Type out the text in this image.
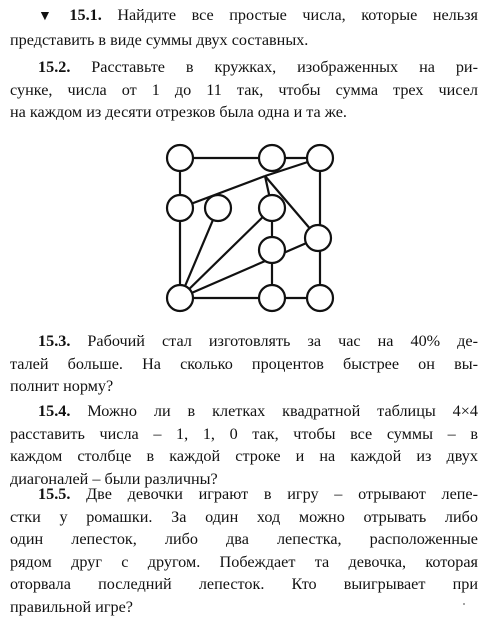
▼ 15.1. Найдите все простые числа, которые нельзя
представить в виде суммы двух составных.
15.2. Расставьте в кружках, изображенных на ри-
сунке, числа от 1 до 11 так, чтобы сумма трех чисел
на каждом из десяти отрезков была одна и та же.
15.3. Рабочий стал изготовлять за час на 40% де-
талей больше. На сколько процентов быстрее он вы-
полнит норму?
15.4. Можно ли в клетках квадратной таблицы 4×4
расставить числа – 1, 1, 0 так, чтобы все суммы – в
каждом столбце в каждой строке и на каждой из двух
диагоналей – были различны?
15.5. Две девочки играют в игру – отрывают лепе-
стки у ромашки. За один ход можно отрывать либо
один лепесток, либо два лепестка, расположенные
рядом друг с другом. Побеждает та девочка, которая
оторвала последний лепесток. Кто выигрывает при
правильной игре?
